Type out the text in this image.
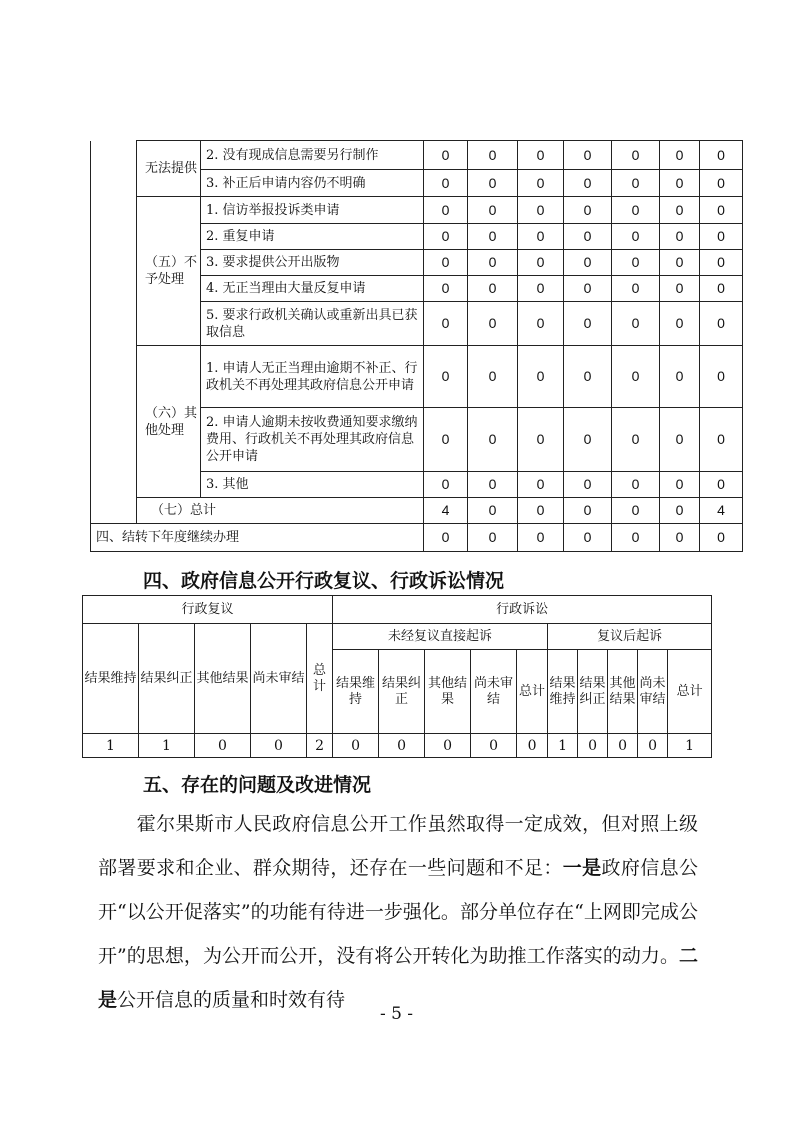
	无法提供	2. 没有现成信息需要另行制作	0	0	0	0	0	0	0
		3. 补正后申请内容仍不明确	0	0	0	0	0	0	0
	（五）不予处理	1. 信访举报投诉类申请	0	0	0	0	0	0	0
		2. 重复申请	0	0	0	0	0	0	0
		3. 要求提供公开出版物	0	0	0	0	0	0	0
		4. 无正当理由大量反复申请	0	0	0	0	0	0	0
		5. 要求行政机关确认或重新出具已获取信息	0	0	0	0	0	0	0
	（六）其他处理	1. 申请人无正当理由逾期不补正、行政机关不再处理其政府信息公开申请	0	0	0	0	0	0	0
		2. 申请人逾期未按收费通知要求缴纳费用、行政机关不再处理其政府信息公开申请	0	0	0	0	0	0	0
		3. 其他	0	0	0	0	0	0	0
	（七）总计		4	0	0	0	0	0	4
四、结转下年度继续办理			0	0	0	0	0	0	0
四、政府信息公开行政复议、行政诉讼情况
行政复议					行政诉讼									
结果维持	结果纠正	其他结果	尚未审结	总计	未经复议直接起诉					复议后起诉				
					结果维持	结果纠正	其他结果	尚未审结	总计	结果维持	结果纠正	其他结果	尚未审结	总计
1	1	0	0	2	0	0	0	0	0	1	0	0	0	1
五、存在的问题及改进情况
　　霍尔果斯市人民政府信息公开工作虽然取得一定成效，但对照上级部署要求和企业、群众期待，还存在一些问题和不足：一是政府信息公开“以公开促落实”的功能有待进一步强化。部分单位存在“上网即完成公开”的思想，为公开而公开，没有将公开转化为助推工作落实的动力。二是公开信息的质量和时效有待
- 5 -
